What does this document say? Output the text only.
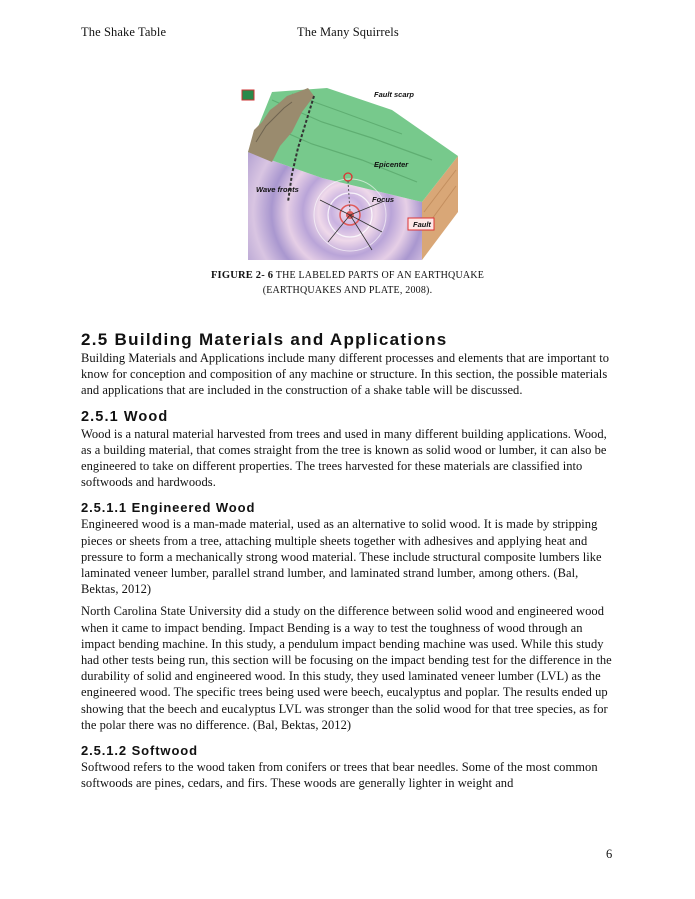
The Shake Table	The Many Squirrels
Fault scarp
Epicenter
Wave fronts
Focus
Fault
FIGURE 2- 6 THE LABELED PARTS OF AN EARTHQUAKE
(EARTHQUAKES AND PLATE, 2008).
2.5 Building Materials and Applications

Building Materials and Applications include many different processes and elements that are important to know for conception and composition of any machine or structure. In this section, the possible materials and applications that are included in the construction of a shake table will be discussed.

2.5.1 Wood

Wood is a natural material harvested from trees and used in many different building applications. Wood, as a building material, that comes straight from the tree is known as solid wood or lumber, it can also be engineered to take on different properties. The trees harvested for these materials are classified into softwoods and hardwoods.

2.5.1.1 Engineered Wood

Engineered wood is a man-made material, used as an alternative to solid wood. It is made by stripping pieces or sheets from a tree, attaching multiple sheets together with adhesives and applying heat and pressure to form a mechanically strong wood material. These include structural composite lumbers like laminated veneer lumber, parallel strand lumber, and laminated strand lumber, among others. (Bal, Bektas, 2012)

North Carolina State University did a study on the difference between solid wood and engineered wood when it came to impact bending. Impact Bending is a way to test the toughness of wood through an impact bending machine. In this study, a pendulum impact bending machine was used. While this study had other tests being run, this section will be focusing on the impact bending test for the difference in the durability of solid and engineered wood. In this study, they used laminated veneer lumber (LVL) as the engineered wood. The specific trees being used were beech, eucalyptus and poplar. The results ended up showing that the beech and eucalyptus LVL was stronger than the solid wood for that tree species, as for the polar there was no difference. (Bal, Bektas, 2012)

2.5.1.2 Softwood

Softwood refers to the wood taken from conifers or trees that bear needles. Some of the most common softwoods are pines, cedars, and firs. These woods are generally lighter in weight and

6
